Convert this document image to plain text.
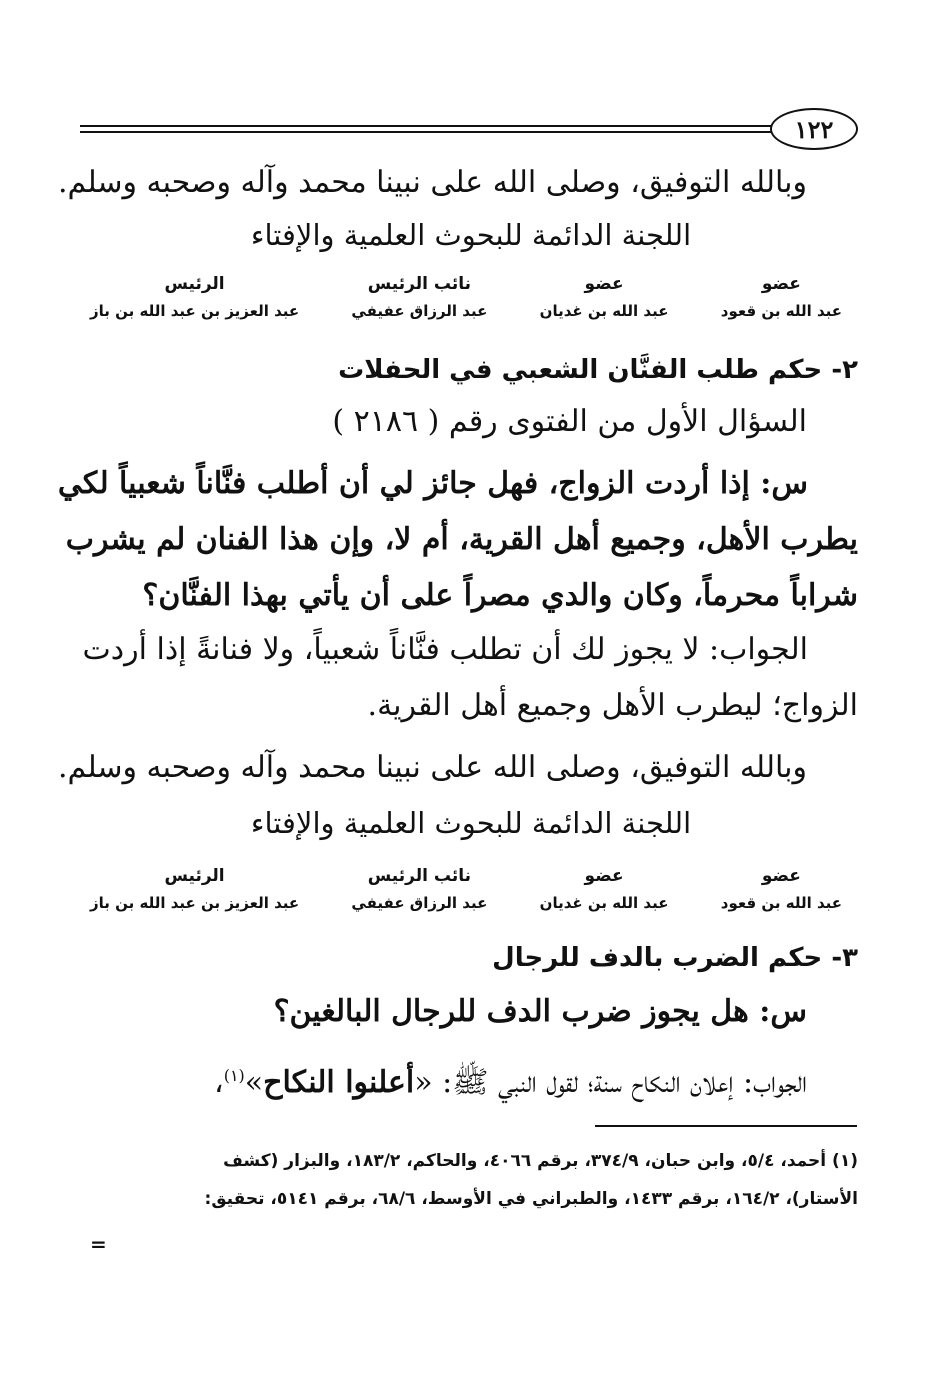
١٢٢
وبالله التوفيق، وصلى الله على نبينا محمد وآله وصحبه وسلم.
اللجنة الدائمة للبحوث العلمية والإفتاء
عضو
عبد الله بن قعود
عضو
عبد الله بن غديان
نائب الرئيس
عبد الرزاق عفيفي
الرئيس
عبد العزيز بن عبد الله بن باز
٢- حكم طلب الفنَّان الشعبي في الحفلات
السؤال الأول من الفتوى رقم ( ٢١٨٦ )
س: إذا أردت الزواج، فهل جائز لي أن أطلب فنَّاناً شعبياً لكي
يطرب الأهل، وجميع أهل القرية، أم لا، وإن هذا الفنان لم يشرب
شراباً محرماً، وكان والدي مصراً على أن يأتي بهذا الفنَّان؟
الجواب: لا يجوز لك أن تطلب فنَّاناً شعبياً، ولا فنانةً إذا أردت
الزواج؛ ليطرب الأهل وجميع أهل القرية.
وبالله التوفيق، وصلى الله على نبينا محمد وآله وصحبه وسلم.
اللجنة الدائمة للبحوث العلمية والإفتاء
عضو
عبد الله بن قعود
عضو
عبد الله بن غديان
نائب الرئيس
عبد الرزاق عفيفي
الرئيس
عبد العزيز بن عبد الله بن باز
٣- حكم الضرب بالدف للرجال
س: هل يجوز ضرب الدف للرجال البالغين؟
الجواب: إعلان النكاح سنة؛ لقول النبي ﷺ: «أعلنوا النكاح»$^{(١)}$،
(١) أحمد، ٥/٤، وابن حبان، ٣٧٤/٩، برقم ٤٠٦٦، والحاكم، ١٨٣/٢، والبزار (كشف
الأستار)، ١٦٤/٢، برقم ١٤٣٣، والطبراني في الأوسط، ٦٨/٦، برقم ٥١٤١، تحقيق:
=
